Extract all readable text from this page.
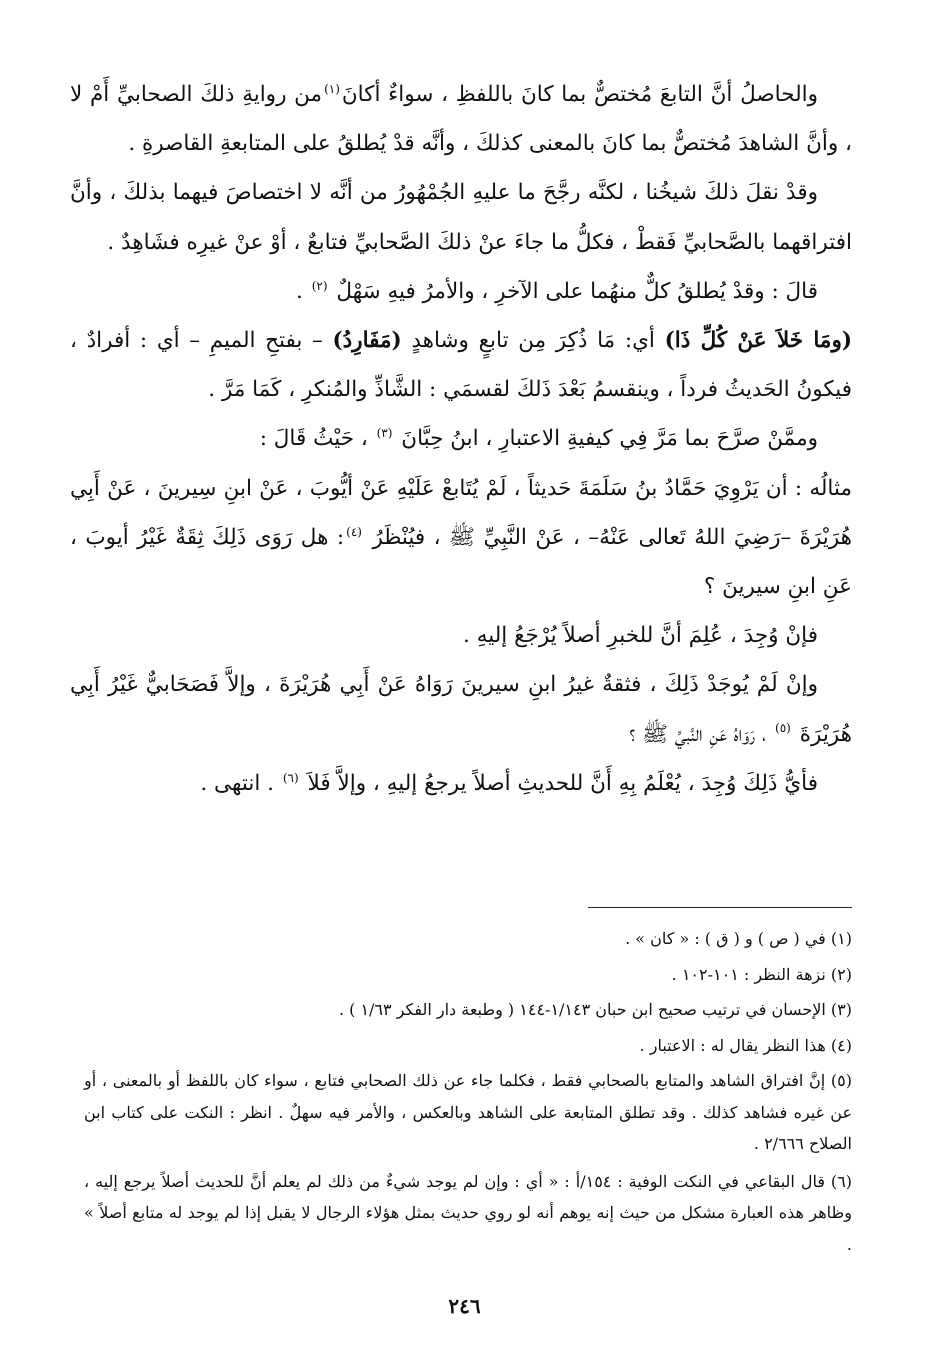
والحاصلُ أنَّ التابعَ مُختصٌّ بما كانَ باللفظِ ، سواءٌ أكانَ$^{(١)}$من روايةِ ذلكَ الصحابيِّ أَمْ لا ، وأنَّ الشاهدَ مُختصٌّ بما كانَ بالمعنى كذلكَ ، وأنَّه قدْ يُطلقُ على المتابعةِ القاصرةِ .

وقدْ نقلَ ذلكَ شيخُنا ، لكنَّه رجَّحَ ما عليهِ الجُمْهُورُ من أنَّه لا اختصاصَ فيهما بذلكَ ، وأنَّ افتراقهما بالصَّحابيِّ فَقطْ ، فكلُّ ما جاءَ عنْ ذلكَ الصَّحابيِّ فتابعٌ ، أوْ عنْ غيرِه فشَاهِدٌ .

قالَ : وقدْ يُطلقُ كلٌّ منهُما على الآخرِ ، والأمرُ فيهِ سَهْلٌ $^{(٢)}$ .

(ومَا خَلاَ عَنْ كُلِّ ذَا) أي: مَا ذُكِرَ مِن تابعٍ وشاهدٍ (مَفَارِدُ) – بفتحِ الميمِ – أي : أفرادٌ ، فيكونُ الحَديثُ فرداً ، وينقسمُ بَعْدَ ذَلكَ لقسمَي : الشَّاذِّ والمُنكرِ ، كَمَا مَرَّ .

وممَّنْ صرَّحَ بما مَرَّ فِي كيفيةِ الاعتبارِ ، ابنُ حِبَّانَ $^{(٣)}$ ، حَيْثُ قَالَ :

مثالُه : أن يَرْوِيَ حَمَّادُ بنُ سَلَمَةَ حَديثاً ، لَمْ يُتَابعْ عَلَيْهِ عَنْ أيُّوبَ ، عَنْ ابنِ سِيرينَ ، عَنْ أَبِي هُرَيْرَةَ –رَضِيَ اللهُ تَعالى عَنْهُ– ، عَنْ النَّبِيِّ ﷺ ، فيُنْظَرُ $^{(٤)}$: هل رَوَى ذَلِكَ ثِقَةٌ غَيْرُ أيوبَ ، عَنِ ابنِ سيرينَ ؟

فإنْ وُجِدَ ، عُلِمَ أنَّ للخبرِ أصلاً يُرْجَعُ إليهِ .

وإنْ لَمْ يُوجَدْ ذَلِكَ ، فثقةٌ غيرُ ابنِ سيرينَ رَوَاهُ عَنْ أَبِي هُرَيْرَةَ ، وإلاَّ فَصَحَابيٌّ غَيْرُ أَبِي هُرَيْرَةَ $^{(٥)}$ ، رَوَاهُ عَنِ النَّبيِّ ﷺ ؟

فأيُّ ذَلِكَ وُجِدَ ، يُعْلَمُ بِهِ أَنَّ للحديثِ أصلاً يرجعُ إليهِ ، وإلاَّ فَلاَ $^{(٦)}$ . انتهى .

(١) في ( ص ) و ( ق ) : « كان » .
(٢) نزهة النظر : ١٠١-١٠٢ .
(٣) الإحسان في ترتيب صحيح ابن حبان ١/١٤٣-١٤٤ ( وطبعة دار الفكر ١/٦٣ ) .
(٤) هذا النظر يقال له : الاعتبار .
(٥) إنَّ افتراق الشاهد والمتابع بالصحابي فقط ، فكلما جاء عن ذلك الصحابي فتابع ، سواء كان باللفظ أو بالمعنى ، أو عن غيره فشاهد كذلك . وقد تطلق المتابعة على الشاهد وبالعكس ، والأمر فيه سهلٌ . انظر : النكت على كتاب ابن الصلاح ٢/٦٦٦ .
(٦) قال البقاعي في النكت الوفية : ١٥٤/أ : « أي : وإن لم يوجد شيءٌ من ذلك لم يعلم أنَّ للحديث أصلاً يرجع إليه ، وظاهر هذه العبارة مشكل من حيث إنه يوهم أنه لو روي حديث بمثل هؤلاء الرجال لا يقبل إذا لم يوجد له متابع أصلاً » .
٢٤٦
